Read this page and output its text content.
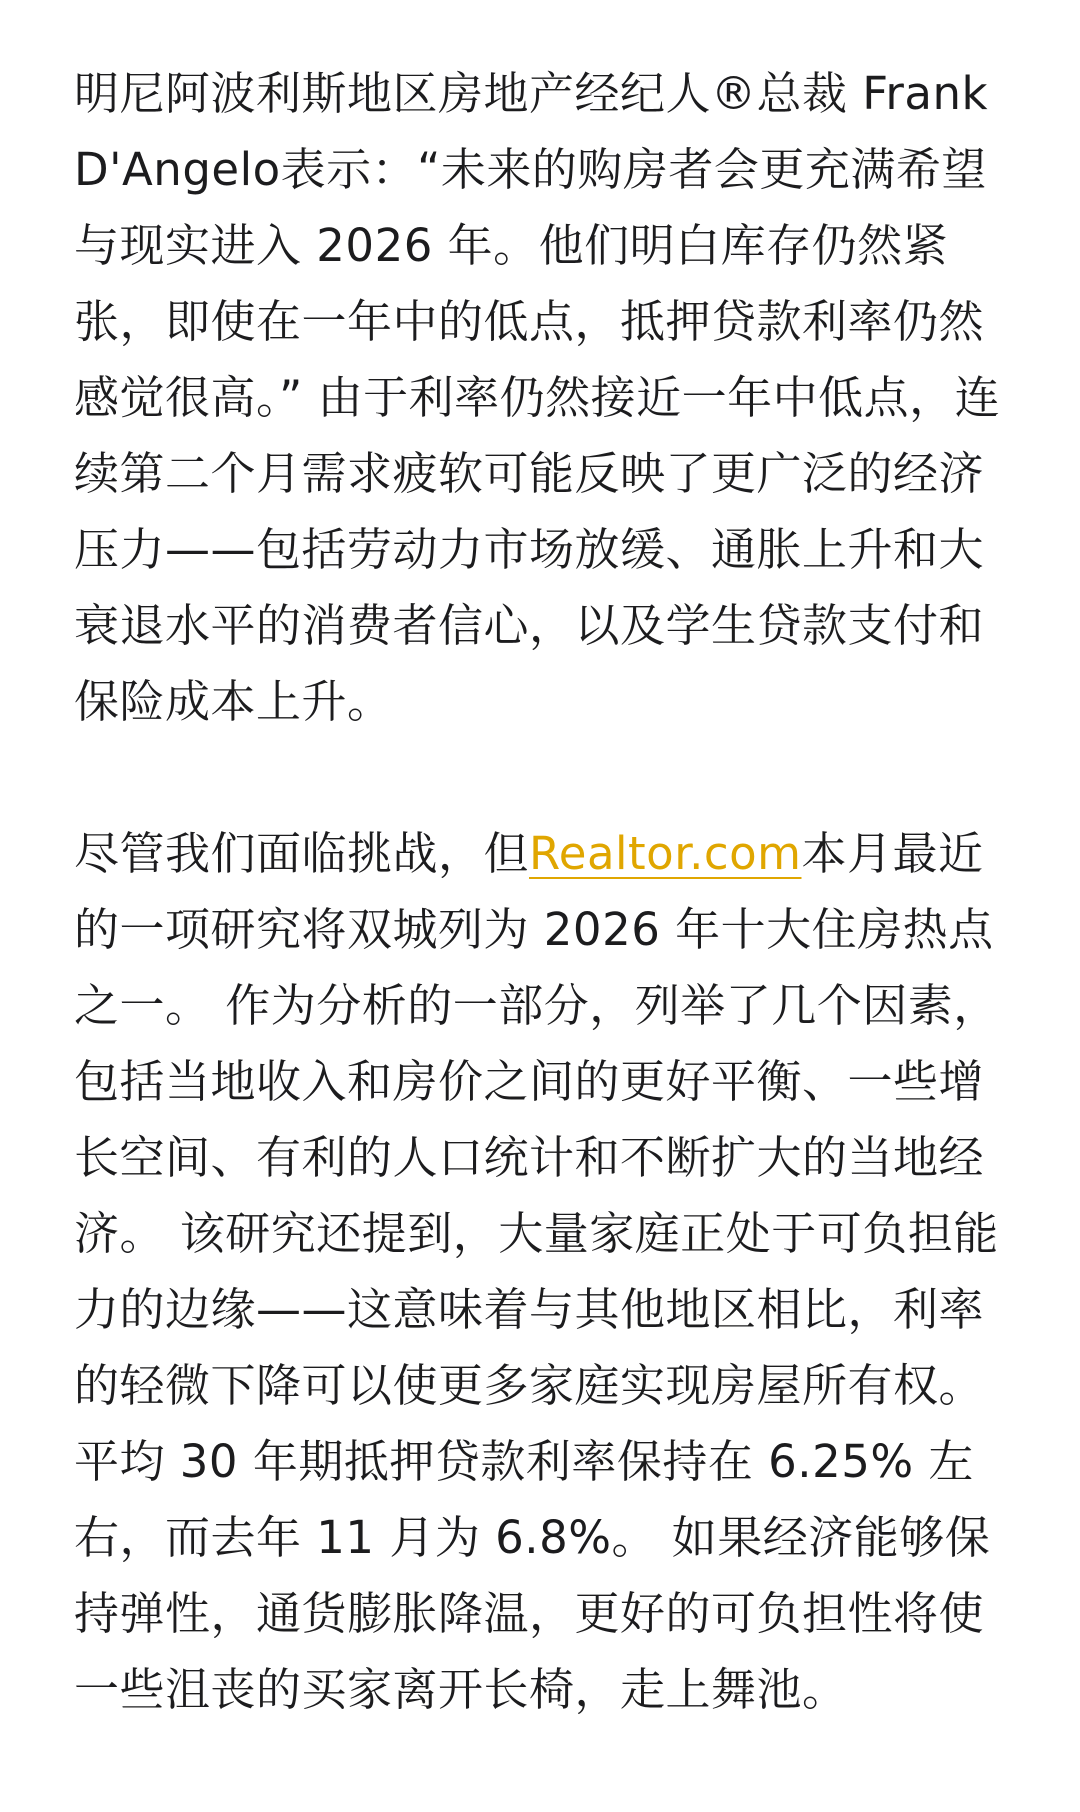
明尼阿波利斯地区房地产经纪人®总裁 Frank D'Angelo表示：“未来的购房者会更充满希望与现实进入 2026 年。他们明白库存仍然紧张，即使在一年中的低点，抵押贷款利率仍然感觉很高。” 由于利率仍然接近一年中低点，连续第二个月需求疲软可能反映了更广泛的经济压力——包括劳动力市场放缓、通胀上升和大衰退水平的消费者信心，以及学生贷款支付和保险成本上升。

尽管我们面临挑战，但Realtor.com本月最近的一项研究将双城列为 2026 年十大住房热点之一。 作为分析的一部分，列举了几个因素，包括当地收入和房价之间的更好平衡、一些增长空间、有利的人口统计和不断扩大的当地经济。 该研究还提到，大量家庭正处于可负担能力的边缘——这意味着与其他地区相比，利率的轻微下降可以使更多家庭实现房屋所有权。 平均 30 年期抵押贷款利率保持在 6.25% 左右，而去年 11 月为 6.8%。 如果经济能够保持弹性，通货膨胀降温，更好的可负担性将使一些沮丧的买家离开长椅，走上舞池。
